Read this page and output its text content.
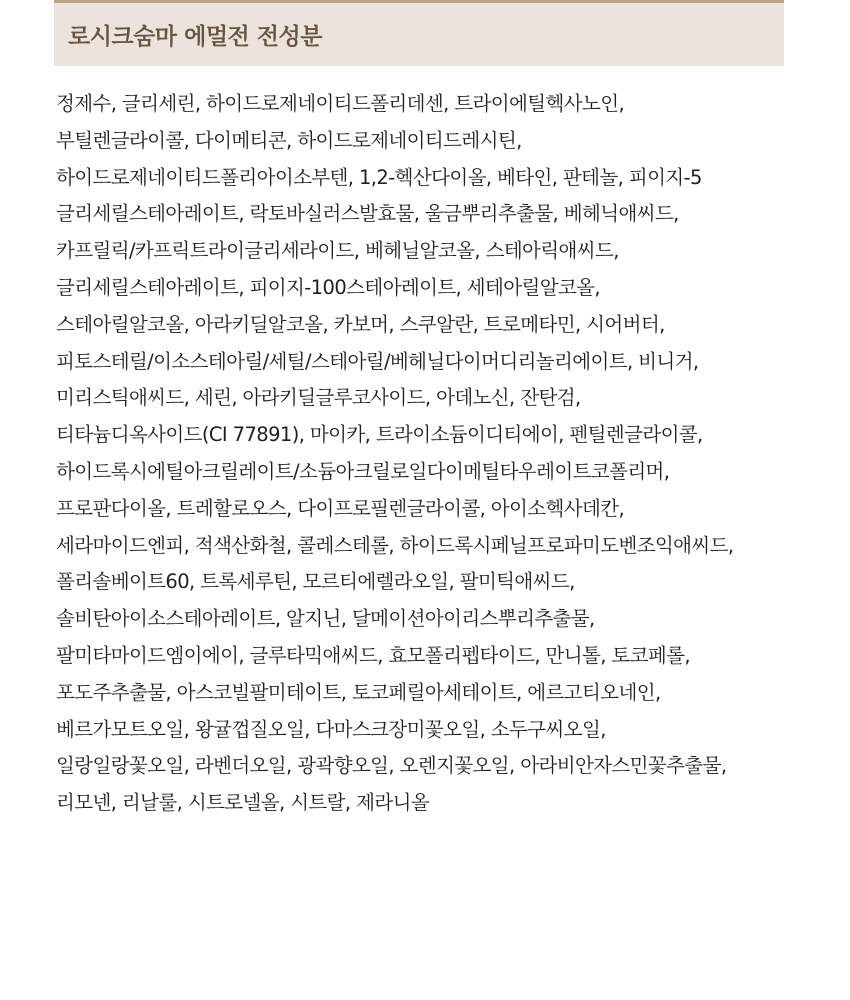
로시크숨마 에멀전 전성분
정제수, 글리세린, 하이드로제네이티드폴리데센, 트라이에틸헥사노인,
부틸렌글라이콜, 다이메티콘, 하이드로제네이티드레시틴,
하이드로제네이티드폴리아이소부텐, 1,2-헥산다이올, 베타인, 판테놀, 피이지-5
글리세릴스테아레이트, 락토바실러스발효물, 울금뿌리추출물, 베헤닉애씨드,
카프릴릭/카프릭트라이글리세라이드, 베헤닐알코올, 스테아릭애씨드,
글리세릴스테아레이트, 피이지-100스테아레이트, 세테아릴알코올,
스테아릴알코올, 아라키딜알코올, 카보머, 스쿠알란, 트로메타민, 시어버터,
피토스테릴/이소스테아릴/세틸/스테아릴/베헤닐다이머디리놀리에이트, 비니거,
미리스틱애씨드, 세린, 아라키딜글루코사이드, 아데노신, 잔탄검,
티타늄디옥사이드(CI 77891), 마이카, 트라이소듐이디티에이, 펜틸렌글라이콜,
하이드록시에틸아크릴레이트/소듐아크릴로일다이메틸타우레이트코폴리머,
프로판다이올, 트레할로오스, 다이프로필렌글라이콜, 아이소헥사데칸,
세라마이드엔피, 적색산화철, 콜레스테롤, 하이드록시페닐프로파미도벤조익애씨드,
폴리솔베이트60, 트록세루틴, 모르티에렐라오일, 팔미틱애씨드,
솔비탄아이소스테아레이트, 알지닌, 달메이션아이리스뿌리추출물,
팔미타마이드엠이에이, 글루타믹애씨드, 효모폴리펩타이드, 만니톨, 토코페롤,
포도주추출물, 아스코빌팔미테이트, 토코페릴아세테이트, 에르고티오네인,
베르가모트오일, 왕귤껍질오일, 다마스크장미꽃오일, 소두구씨오일,
일랑일랑꽃오일, 라벤더오일, 광곽향오일, 오렌지꽃오일, 아라비안자스민꽃추출물,
리모넨, 리날룰, 시트로넬올, 시트랄, 제라니올
